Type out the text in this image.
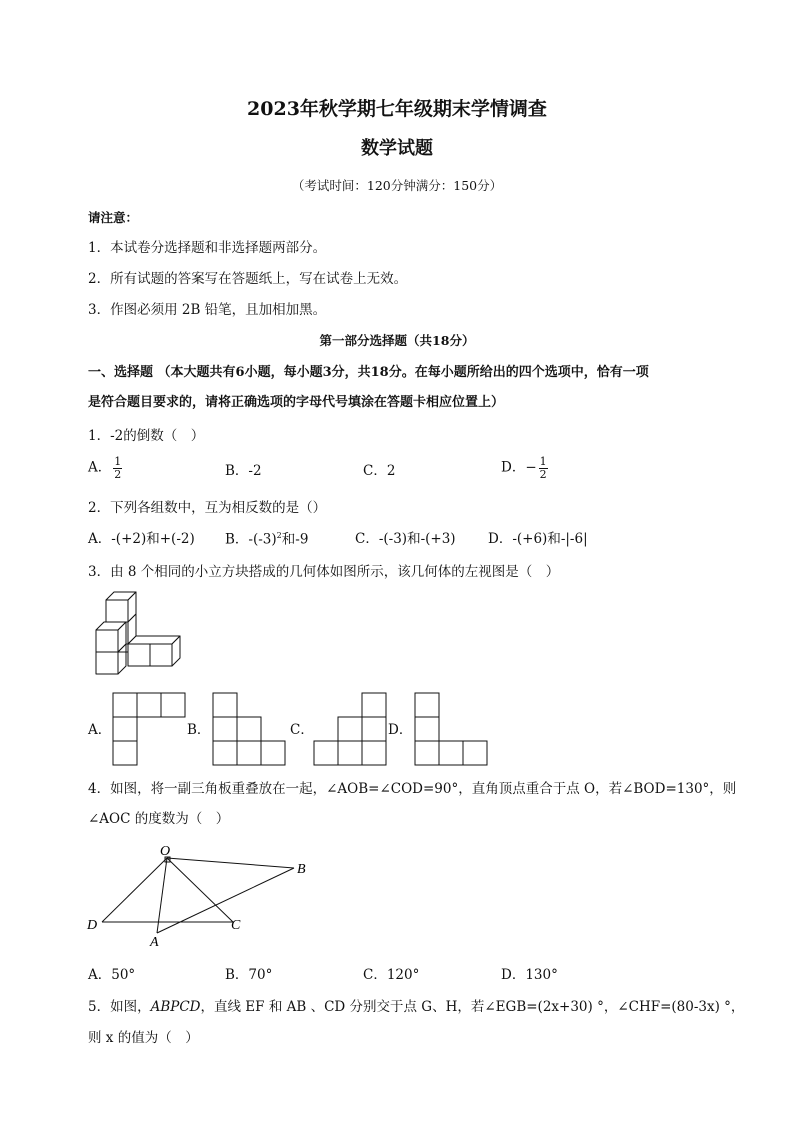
2023年秋学期七年级期末学情调查
数学试题
（考试时间：120分钟满分：150分）
请注意：
1．本试卷分选择题和非选择题两部分。
2．所有试题的答案写在答题纸上，写在试卷上无效。
3．作图必须用 2B 铅笔，且加相加黑。
第一部分选择题（共18分）
一、选择题 （本大题共有6小题，每小题3分，共18分。在每小题所给出的四个选项中，恰有一项
是符合题目要求的，请将正确选项的字母代号填涂在答题卡相应位置上）
1．-2的倒数（　）
A． $\frac{1}{2}$	B．-2	C．2	D．− $\frac{1}{2}$
2．下列各组数中，互为相反数的是（）
A．-(+2)和+(-2) B．$-(-3)^2$和-9	C．-(-3)和-(+3) D．-(+6)和-|-6|
3．由 8 个相同的小立方块搭成的几何体如图所示，该几何体的左视图是（　）
A．	B．	C．	D．
4．如图，将一副三角板重叠放在一起，∠AOB=∠COD=90°，直角顶点重合于点 O，若∠BOD=130°，则
∠AOC 的度数为（　）
O
B
D	C
A
A．50°	B．70°	C．120°	D．130°
5．如图，ABPCD，直线 EF 和 AB 、CD 分别交于点 G、H，若∠EGB=(2x+30) °，∠CHF=(80-3x) °，
则 x 的值为（　）
